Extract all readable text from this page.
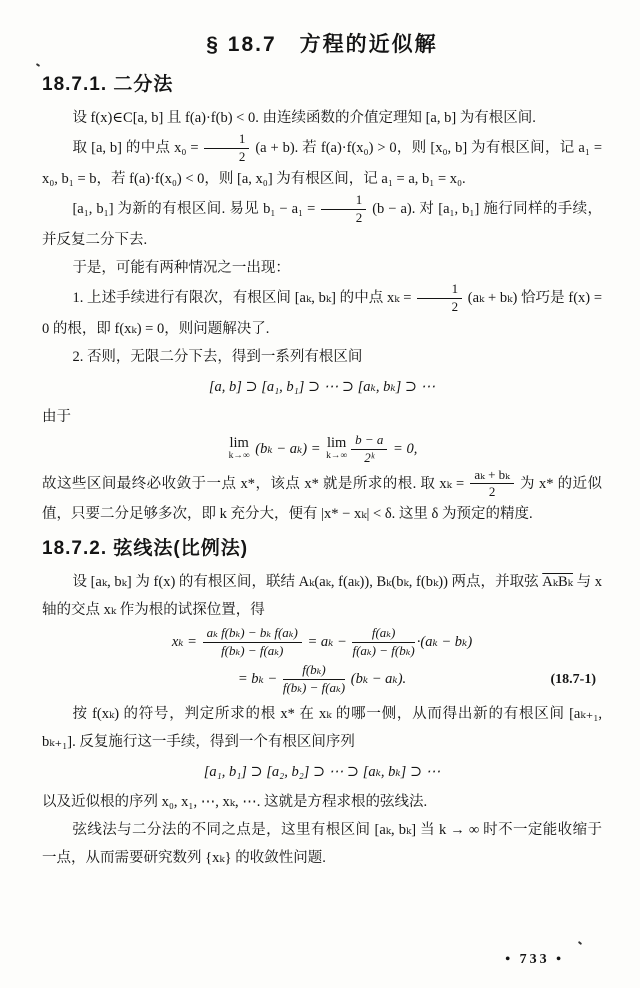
§ 18.7　方程的近似解
18.7.1. 二分法

设 f(x)∈C[a, b] 且 f(a)·f(b) < 0. 由连续函数的介值定理知 [a, b] 为有根区间.

取 [a, b] 的中点 $x_0 = \frac{1}{2} (a + b)$. 若 f(a)·f(x₀) > 0，则 [x₀, b] 为有根区间，记 a₁ = x₀, b₁ = b，若 f(a)·f(x₀) < 0，则 [a, x₀] 为有根区间，记 a₁ = a, b₁ = x₀.

[a₁, b₁] 为新的有根区间. 易见 $b_1 - a_1 = \frac{1}{2} (b - a)$. 对 [a₁, b₁] 施行同样的手续，并反复二分下去.

于是，可能有两种情况之一出现：

1. 上述手续进行有限次，有根区间 [aₖ, bₖ] 的中点 $x_k = \frac{1}{2} (a_k + b_k)$ 恰巧是 f(x) = 0 的根，即 f(xₖ) = 0，则问题解决了.

2. 否则，无限二分下去，得到一系列有根区间

[a, b] ⊃ [a₁, b₁] ⊃ ⋯ ⊃ [aₖ, bₖ] ⊃ ⋯

由于

lim
k→∞ (bₖ − aₖ) = lim
$k\to\infty \frac{b - a}{\text{2ᵏ}} = 0$,

故这些区间最终必收敛于一点 x*，该点 x* 就是所求的根. 取 $x_k = \frac{\text{aₖ + bₖ}}{2}$ 为 x* 的近似值，只要二分足够多次，即 k 充分大，便有 |x* − xₖ| < δ. 这里 δ 为预定的精度.

18.7.2. 弦线法(比例法)

设 [aₖ, bₖ] 为 f(x) 的有根区间，联结 Aₖ(aₖ, f(aₖ)), Bₖ(bₖ, f(bₖ)) 两点，并取弦 AₖBₖ 与 x 轴的交点 xₖ 作为根的试探位置，得

$x_k = \frac{\text{aₖ f(bₖ) − bₖ f(aₖ)}}{\text{f(bₖ) − f(aₖ)}} = a_k - \frac{\text{f(aₖ)}}{\text{f(aₖ) − f(bₖ)}} \cdot(a_k - b_k)$
= $b_k - \frac{\text{f(bₖ)}}{\text{f(bₖ) − f(aₖ)}} (b_k - a_k)$.	(18.7-1)

按 f(xₖ) 的符号，判定所求的根 x* 在 xₖ 的哪一侧，从而得出新的有根区间 [aₖ₊₁, bₖ₊₁]. 反复施行这一手续，得到一个有根区间序列

[a₁, b₁] ⊃ [a₂, b₂] ⊃ ⋯ ⊃ [aₖ, bₖ] ⊃ ⋯

以及近似根的序列 x₀, x₁, ⋯, xₖ, ⋯. 这就是方程求根的弦线法.

弦线法与二分法的不同之点是，这里有根区间 [aₖ, bₖ] 当 k → ∞ 时不一定能收缩于一点，从而需要研究数列 {xₖ} 的收敛性问题.

• 733 •
